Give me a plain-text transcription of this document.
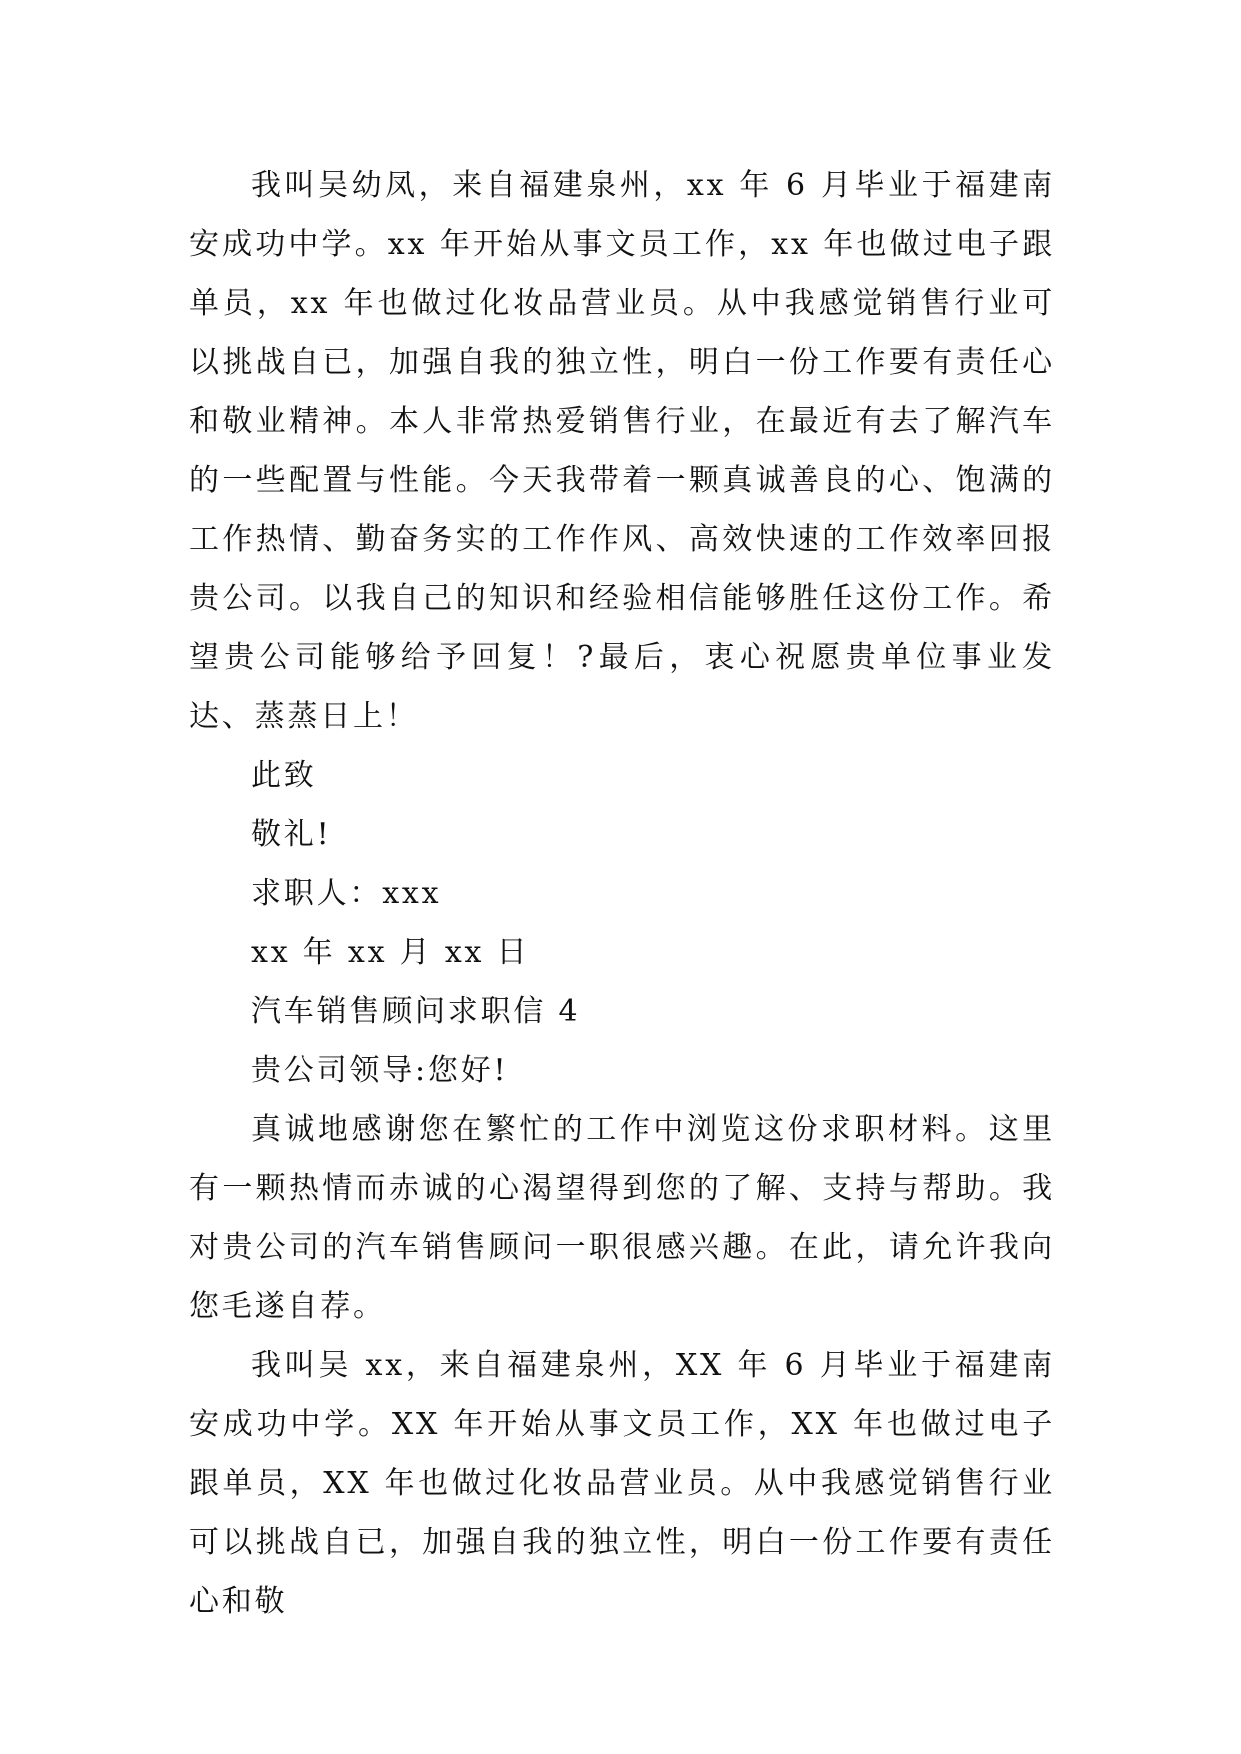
我叫吴幼凤，来自福建泉州，xx 年 6 月毕业于福建南安成功中学。xx 年开始从事文员工作，xx 年也做过电子跟单员，xx 年也做过化妆品营业员。从中我感觉销售行业可以挑战自已，加强自我的独立性，明白一份工作要有责任心和敬业精神。本人非常热爱销售行业，在最近有去了解汽车的一些配置与性能。今天我带着一颗真诚善良的心、饱满的工作热情、勤奋务实的工作作风、高效快速的工作效率回报贵公司。以我自己的知识和经验相信能够胜任这份工作。希望贵公司能够给予回复！?最后，衷心祝愿贵单位事业发达、蒸蒸日上！

此致

敬礼!

求职人：xxx

xx 年 xx 月 xx 日

汽车销售顾问求职信 4

贵公司领导:您好!

真诚地感谢您在繁忙的工作中浏览这份求职材料。这里有一颗热情而赤诚的心渴望得到您的了解、支持与帮助。我对贵公司的汽车销售顾问一职很感兴趣。在此，请允许我向您毛遂自荐。

我叫吴 xx，来自福建泉州，XX 年 6 月毕业于福建南安成功中学。XX 年开始从事文员工作，XX 年也做过电子跟单员，XX 年也做过化妆品营业员。从中我感觉销售行业可以挑战自已，加强自我的独立性，明白一份工作要有责任心和敬
